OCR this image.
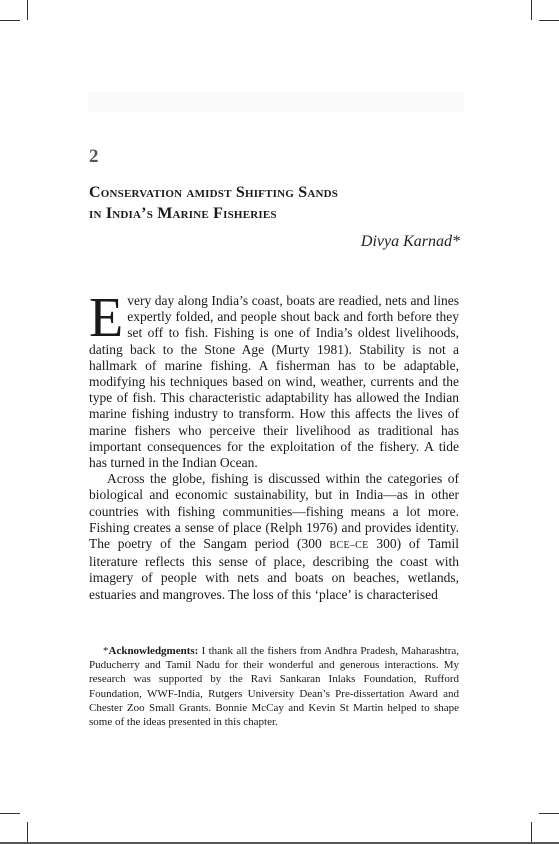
2
Conservation amidst Shifting Sands
in India’s Marine Fisheries
Divya Karnad*

Every day along India’s coast, boats are readied, nets and lines expertly folded, and people shout back and forth before they set off to fish. Fishing is one of India’s oldest livelihoods, dating back to the Stone Age (Murty 1981). Stability is not a hallmark of marine fishing. A fisherman has to be adaptable, modifying his techniques based on wind, weather, currents and the type of fish. This characteristic adaptability has allowed the Indian marine fishing industry to transform. How this affects the lives of marine fishers who perceive their livelihood as traditional has important consequences for the exploitation of the fishery. A tide has turned in the Indian Ocean.

Across the globe, fishing is discussed within the categories of biological and economic sustainability, but in India—as in other countries with fishing communities—fishing means a lot more. Fishing creates a sense of place (Relph 1976) and provides identity. The poetry of the Sangam period (300 BCE–CE 300) of Tamil literature reflects this sense of place, describing the coast with imagery of people with nets and boats on beaches, wetlands, estuaries and mangroves. The loss of this ‘place’ is characterised

*Acknowledgments: I thank all the fishers from Andhra Pradesh, Maharashtra, Puducherry and Tamil Nadu for their wonderful and generous interactions. My research was supported by the Ravi Sankaran Inlaks Foundation, Rufford Foundation, WWF-India, Rutgers University Dean’s Pre-dissertation Award and Chester Zoo Small Grants. Bonnie McCay and Kevin St Martin helped to shape some of the ideas presented in this chapter.
